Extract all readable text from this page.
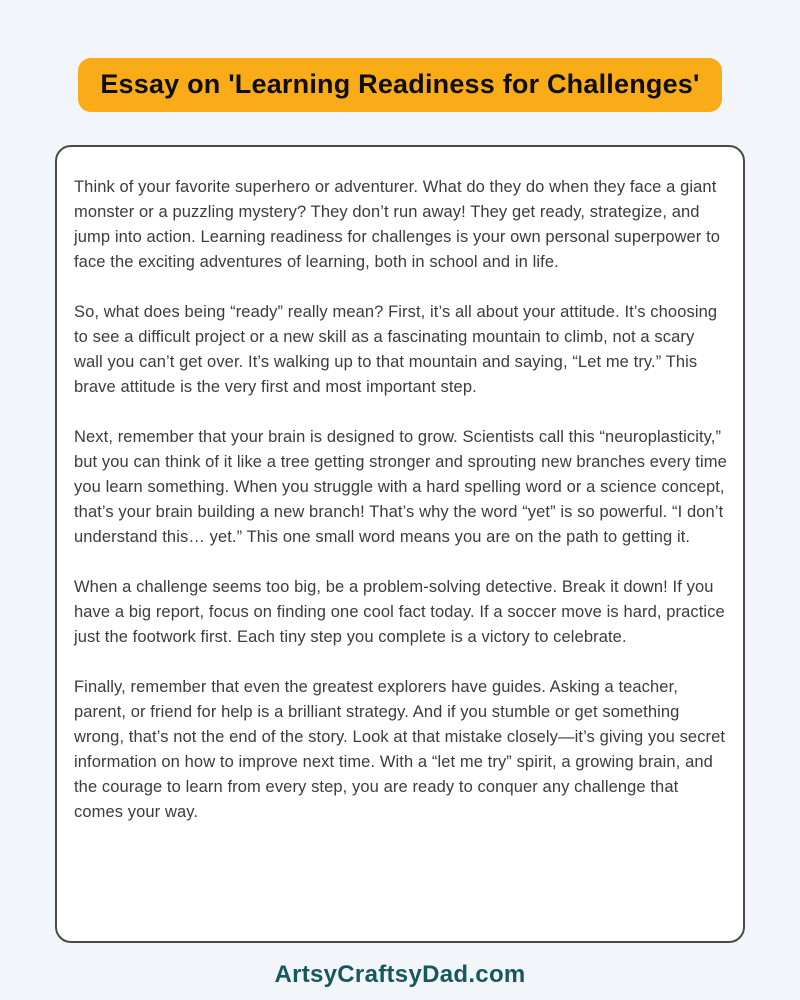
Essay on 'Learning Readiness for Challenges'

Think of your favorite superhero or adventurer. What do they do when they face a giant monster or a puzzling mystery? They don’t run away! They get ready, strategize, and jump into action. Learning readiness for challenges is your own personal superpower to face the exciting adventures of learning, both in school and in life.

So, what does being “ready” really mean? First, it’s all about your attitude. It’s choosing to see a difficult project or a new skill as a fascinating mountain to climb, not a scary wall you can’t get over. It’s walking up to that mountain and saying, “Let me try.” This brave attitude is the very first and most important step.

Next, remember that your brain is designed to grow. Scientists call this “neuroplasticity,” but you can think of it like a tree getting stronger and sprouting new branches every time you learn something. When you struggle with a hard spelling word or a science concept, that’s your brain building a new branch! That’s why the word “yet” is so powerful. “I don’t understand this… yet.” This one small word means you are on the path to getting it.

When a challenge seems too big, be a problem-solving detective. Break it down! If you have a big report, focus on finding one cool fact today. If a soccer move is hard, practice just the footwork first. Each tiny step you complete is a victory to celebrate.

Finally, remember that even the greatest explorers have guides. Asking a teacher, parent, or friend for help is a brilliant strategy. And if you stumble or get something wrong, that’s not the end of the story. Look at that mistake closely—it’s giving you secret information on how to improve next time. With a “let me try” spirit, a growing brain, and the courage to learn from every step, you are ready to conquer any challenge that comes your way.

ArtsyCraftsyDad.com
